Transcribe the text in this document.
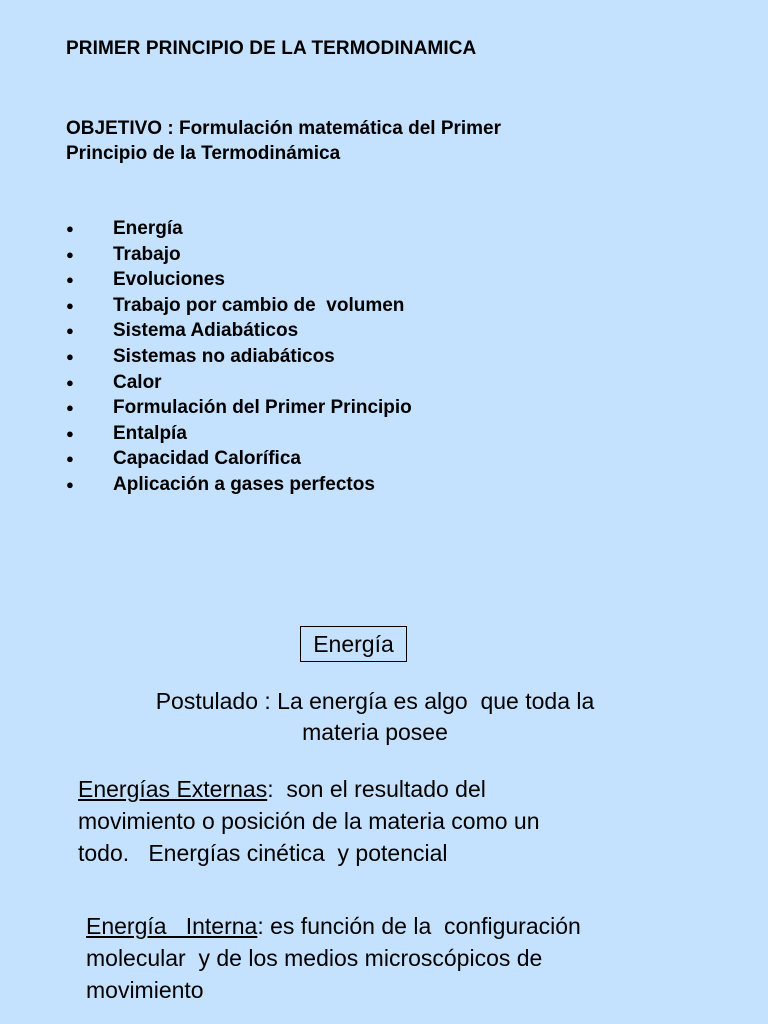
PRIMER PRINCIPIO DE LA TERMODINAMICA
OBJETIVO : Formulación matemática del Primer
Principio de la Termodinámica
● Energía
● Trabajo
● Evoluciones
● Trabajo por cambio de  volumen
● Sistema Adiabáticos
● Sistemas no adiabáticos
● Calor
● Formulación del Primer Principio
● Entalpía
● Capacidad Calorífica
● Aplicación a gases perfectos
Energía
Postulado : La energía es algo  que toda la
materia posee
Energías Externas:  son el resultado del
movimiento o posición de la materia como un
todo.   Energías cinética  y potencial
Energía   Interna: es función de la  configuración
molecular  y de los medios microscópicos de
movimiento
